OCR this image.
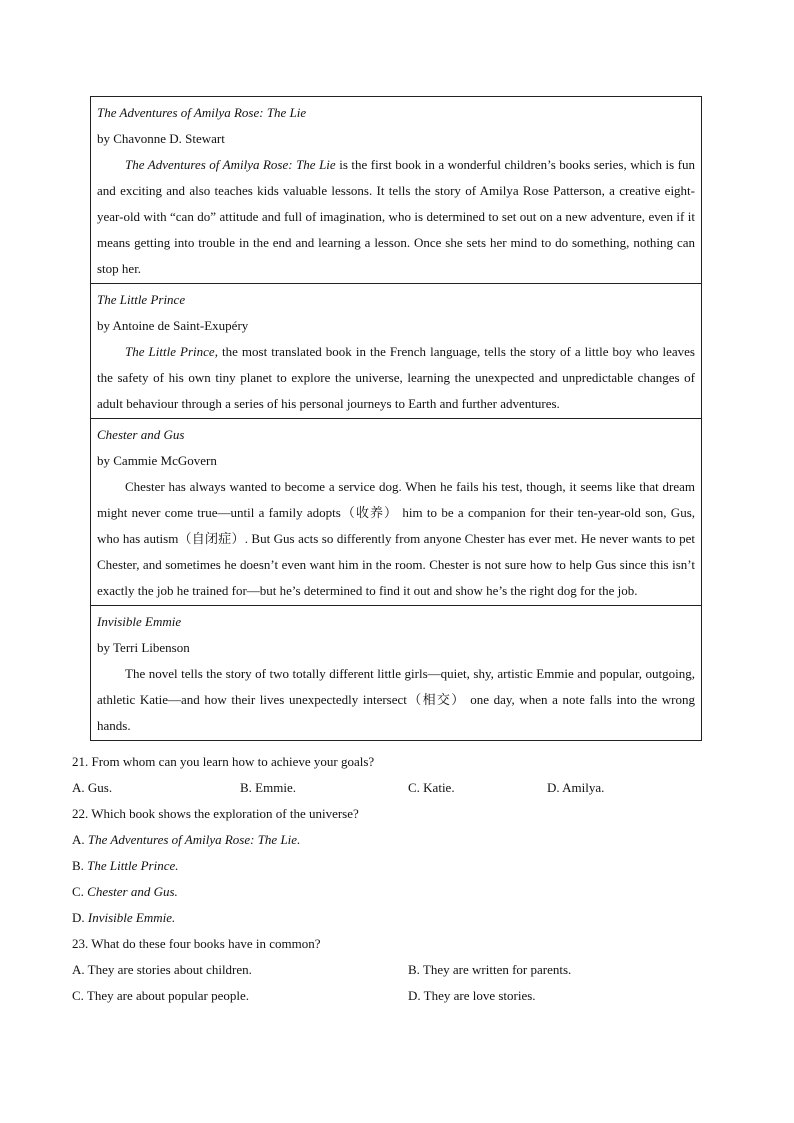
The Adventures of Amilya Rose: The Lie
by Chavonne D. Stewart
The Adventures of Amilya Rose: The Lie is the first book in a wonderful children’s books series, which is fun and exciting and also teaches kids valuable lessons. It tells the story of Amilya Rose Patterson, a creative eight-year-old with “can do” attitude and full of imagination, who is determined to set out on a new adventure, even if it means getting into trouble in the end and learning a lesson. Once she sets her mind to do something, nothing can stop her.

The Little Prince
by Antoine de Saint-Exupéry
The Little Prince, the most translated book in the French language, tells the story of a little boy who leaves the safety of his own tiny planet to explore the universe, learning the unexpected and unpredictable changes of adult behaviour through a series of his personal journeys to Earth and further adventures.

Chester and Gus
by Cammie McGovern
Chester has always wanted to become a service dog. When he fails his test, though, it seems like that dream might never come true—until a family adopts（收养） him to be a companion for their ten-year-old son, Gus, who has autism（自闭症）. But Gus acts so differently from anyone Chester has ever met. He never wants to pet Chester, and sometimes he doesn’t even want him in the room. Chester is not sure how to help Gus since this isn’t exactly the job he trained for—but he’s determined to find it out and show he’s the right dog for the job.

Invisible Emmie
by Terri Libenson
The novel tells the story of two totally different little girls—quiet, shy, artistic Emmie and popular, outgoing, athletic Katie—and how their lives unexpectedly intersect（相交） one day, when a note falls into the wrong hands.
21. From whom can you learn how to achieve your goals?
A. Gus.	B. Emmie.	C. Katie.	D. Amilya.
22. Which book shows the exploration of the universe?
A. The Adventures of Amilya Rose: The Lie.
B. The Little Prince.
C. Chester and Gus.
D. Invisible Emmie.
23. What do these four books have in common?
A. They are stories about children.	B. They are written for parents.
C. They are about popular people.	D. They are love stories.
